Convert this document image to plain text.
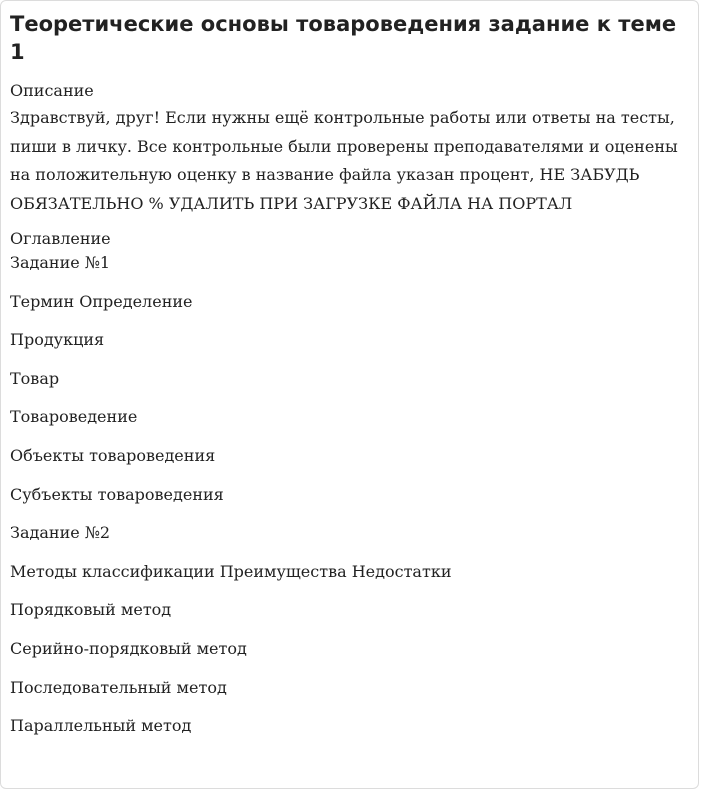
Теоретические основы товароведения задание к теме 1
Описание

Здравствуй, друг! Если нужны ещё контрольные работы или ответы на тесты, пиши в личку. Все контрольные были проверены преподавателями и оценены на положительную оценку в название файла указан процент, НЕ ЗАБУДЬ ОБЯЗАТЕЛЬНО % УДАЛИТЬ ПРИ ЗАГРУЗКЕ ФАЙЛА НА ПОРТАЛ

Оглавление
Задание №1
Термин Определение
Продукция
Товар
Товароведение
Объекты товароведения
Субъекты товароведения
Задание №2
Методы классификации Преимущества Недостатки
Порядковый метод
Серийно-порядковый метод
Последовательный метод
Параллельный метод
